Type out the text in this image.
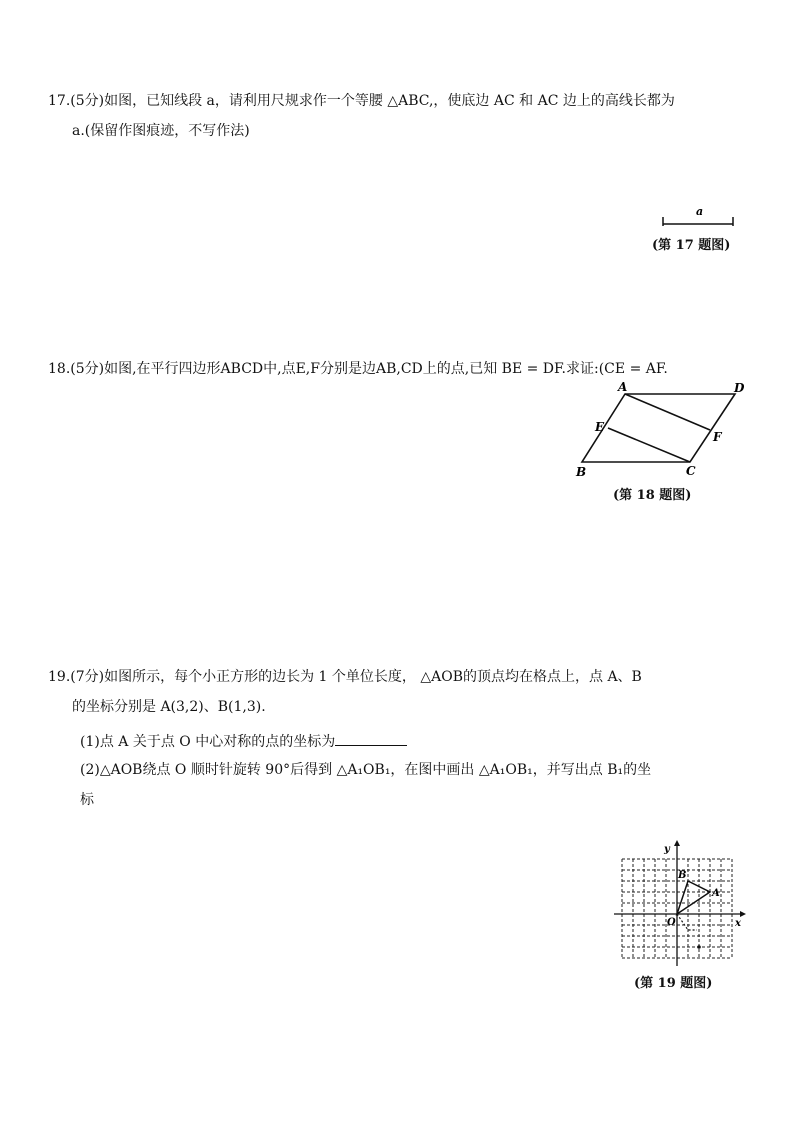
17.(5分)如图，已知线段 a，请利用尺规求作一个等腰 △ABC,，使底边 AC 和 AC 边上的高线长都为
a.(保留作图痕迹，不写作法)
a
(第 17 题图)
18.(5分)如图,在平行四边形ABCD中,点E,F分别是边AB,CD上的点,已知 BE = DF.求证:(CE = AF.
A	D
E
F
B	C
(第 18 题图)
19.(7分)如图所示，每个小正方形的边长为 1 个单位长度， △AOB的顶点均在格点上，点 A、B
的坐标分别是 A(3,2)、B(1,3).
(1)点 A 关于点 O 中心对称的点的坐标为
(2)△AOB绕点 O 顺时针旋转 90°后得到 △A₁OB₁，在图中画出 △A₁OB₁，并写出点 B₁的坐
标
y
x
O
A
B
(第 19 题图)
